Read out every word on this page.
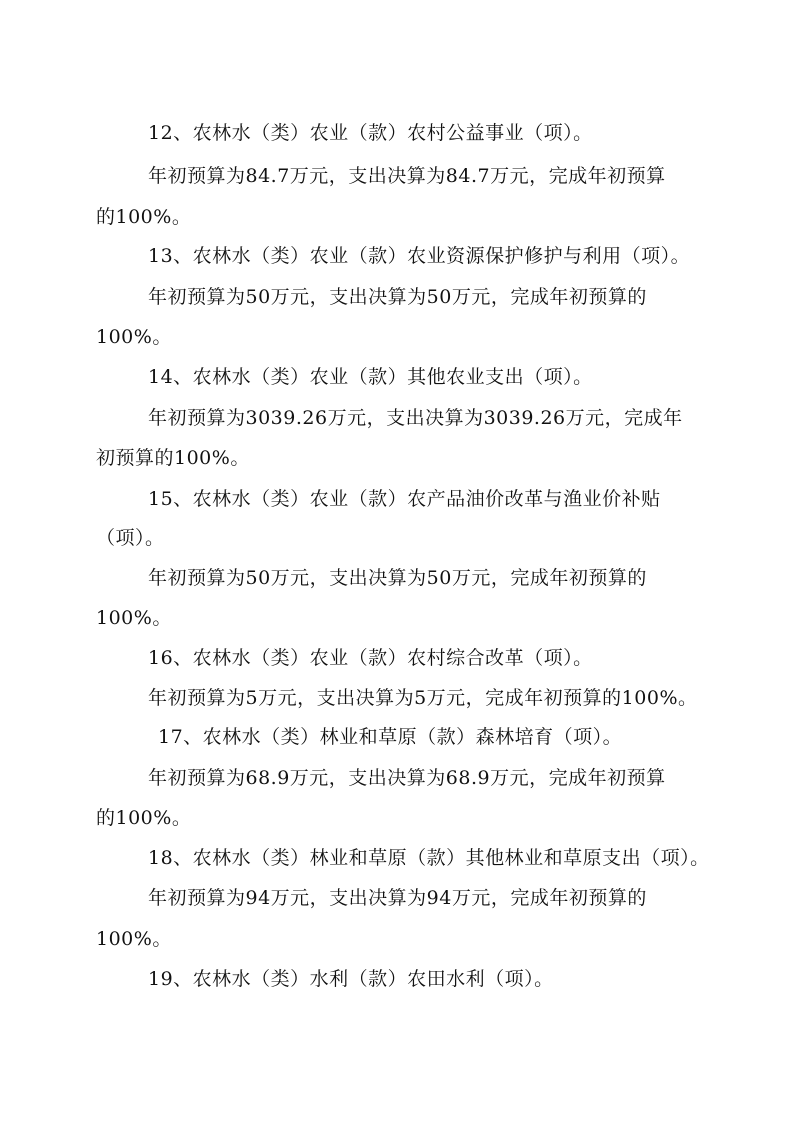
12、农林水（类）农业（款）农村公益事业（项）。
年初预算为84.7万元，支出决算为84.7万元，完成年初预算
的100%。
13、农林水（类）农业（款）农业资源保护修护与利用（项）。
年初预算为50万元，支出决算为50万元，完成年初预算的
100%。
14、农林水（类）农业（款）其他农业支出（项）。
年初预算为3039.26万元，支出决算为3039.26万元，完成年
初预算的100%。
15、农林水（类）农业（款）农产品油价改革与渔业价补贴
（项）。
年初预算为50万元，支出决算为50万元，完成年初预算的
100%。
16、农林水（类）农业（款）农村综合改革（项）。
年初预算为5万元，支出决算为5万元，完成年初预算的100%。
17、农林水（类）林业和草原（款）森林培育（项）。
年初预算为68.9万元，支出决算为68.9万元，完成年初预算
的100%。
18、农林水（类）林业和草原（款）其他林业和草原支出（项）。
年初预算为94万元，支出决算为94万元，完成年初预算的
100%。
19、农林水（类）水利（款）农田水利（项）。
